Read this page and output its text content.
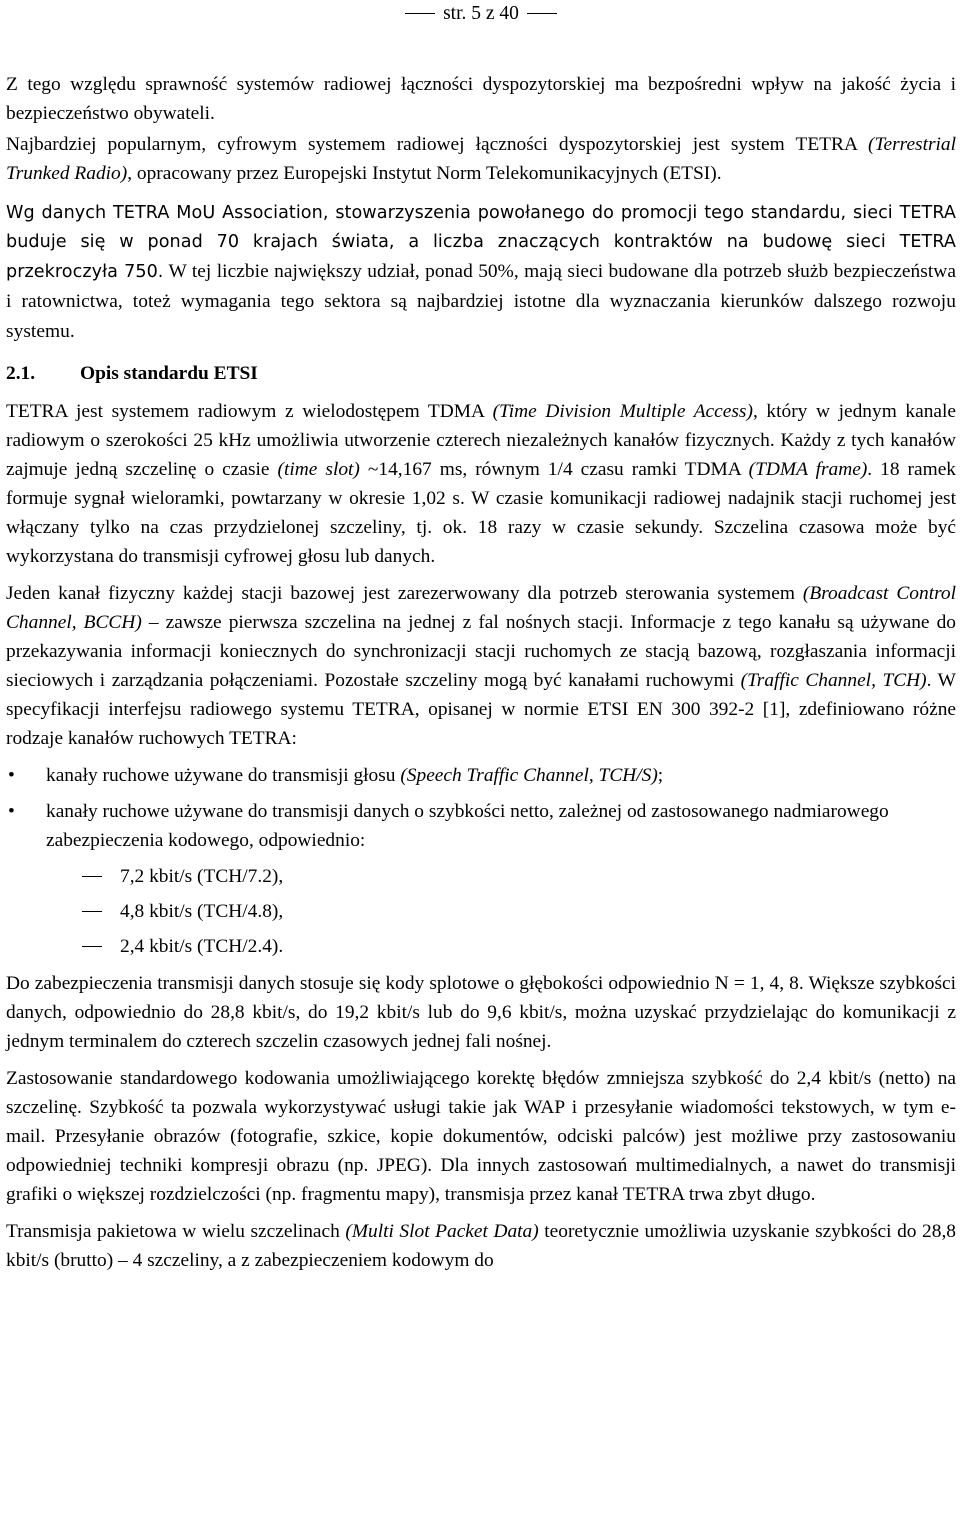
str. 5 z 40

Z tego względu sprawność systemów radiowej łączności dyspozytorskiej ma bezpośredni wpływ na jakość życia i bezpieczeństwo obywateli.

Najbardziej popularnym, cyfrowym systemem radiowej łączności dyspozytorskiej jest system TETRA (Terrestrial Trunked Radio), opracowany przez Europejski Instytut Norm Telekomunikacyjnych (ETSI).

Wg danych TETRA MoU Association, stowarzyszenia powołanego do promocji tego standardu, sieci TETRA buduje się w ponad 70 krajach świata, a liczba znaczących kontraktów na budowę sieci TETRA przekroczyła 750. W tej liczbie największy udział, ponad 50%, mają sieci budowane dla potrzeb służb bezpieczeństwa i ratownictwa, toteż wymagania tego sektora są najbardziej istotne dla wyznaczania kierunków dalszego rozwoju systemu.

2.1. Opis standardu ETSI

TETRA jest systemem radiowym z wielodostępem TDMA (Time Division Multiple Access), który w jednym kanale radiowym o szerokości 25 kHz umożliwia utworzenie czterech niezależnych kanałów fizycznych. Każdy z tych kanałów zajmuje jedną szczelinę o czasie (time slot) ~14,167 ms, równym 1/4 czasu ramki TDMA (TDMA frame). 18 ramek formuje sygnał wieloramki, powtarzany w okresie 1,02 s. W czasie komunikacji radiowej nadajnik stacji ruchomej jest włączany tylko na czas przydzielonej szczeliny, tj. ok. 18 razy w czasie sekundy. Szczelina czasowa może być wykorzystana do transmisji cyfrowej głosu lub danych.

Jeden kanał fizyczny każdej stacji bazowej jest zarezerwowany dla potrzeb sterowania systemem (Broadcast Control Channel, BCCH) – zawsze pierwsza szczelina na jednej z fal nośnych stacji. Informacje z tego kanału są używane do przekazywania informacji koniecznych do synchronizacji stacji ruchomych ze stacją bazową, rozgłaszania informacji sieciowych i zarządzania połączeniami. Pozostałe szczeliny mogą być kanałami ruchowymi (Traffic Channel, TCH). W specyfikacji interfejsu radiowego systemu TETRA, opisanej w normie ETSI EN 300 392-2 [1], zdefiniowano różne rodzaje kanałów ruchowych TETRA:

• kanały ruchowe używane do transmisji głosu (Speech Traffic Channel, TCH/S);
• kanały ruchowe używane do transmisji danych o szybkości netto, zależnej od zastosowanego nadmiarowego zabezpieczenia kodowego, odpowiednio:
7,2 kbit/s (TCH/7.2),
4,8 kbit/s (TCH/4.8),
2,4 kbit/s (TCH/2.4).

Do zabezpieczenia transmisji danych stosuje się kody splotowe o głębokości odpowiednio N = 1, 4, 8. Większe szybkości danych, odpowiednio do 28,8 kbit/s, do 19,2 kbit/s lub do 9,6 kbit/s, można uzyskać przydzielając do komunikacji z jednym terminalem do czterech szczelin czasowych jednej fali nośnej.

Zastosowanie standardowego kodowania umożliwiającego korektę błędów zmniejsza szybkość do 2,4 kbit/s (netto) na szczelinę. Szybkość ta pozwala wykorzystywać usługi takie jak WAP i przesyłanie wiadomości tekstowych, w tym e-mail. Przesyłanie obrazów (fotografie, szkice, kopie dokumentów, odciski palców) jest możliwe przy zastosowaniu odpowiedniej techniki kompresji obrazu (np. JPEG). Dla innych zastosowań multimedialnych, a nawet do transmisji grafiki o większej rozdzielczości (np. fragmentu mapy), transmisja przez kanał TETRA trwa zbyt długo.

Transmisja pakietowa w wielu szczelinach (Multi Slot Packet Data) teoretycznie umożliwia uzyskanie szybkości do 28,8 kbit/s (brutto) – 4 szczeliny, a z zabezpieczeniem kodowym do
